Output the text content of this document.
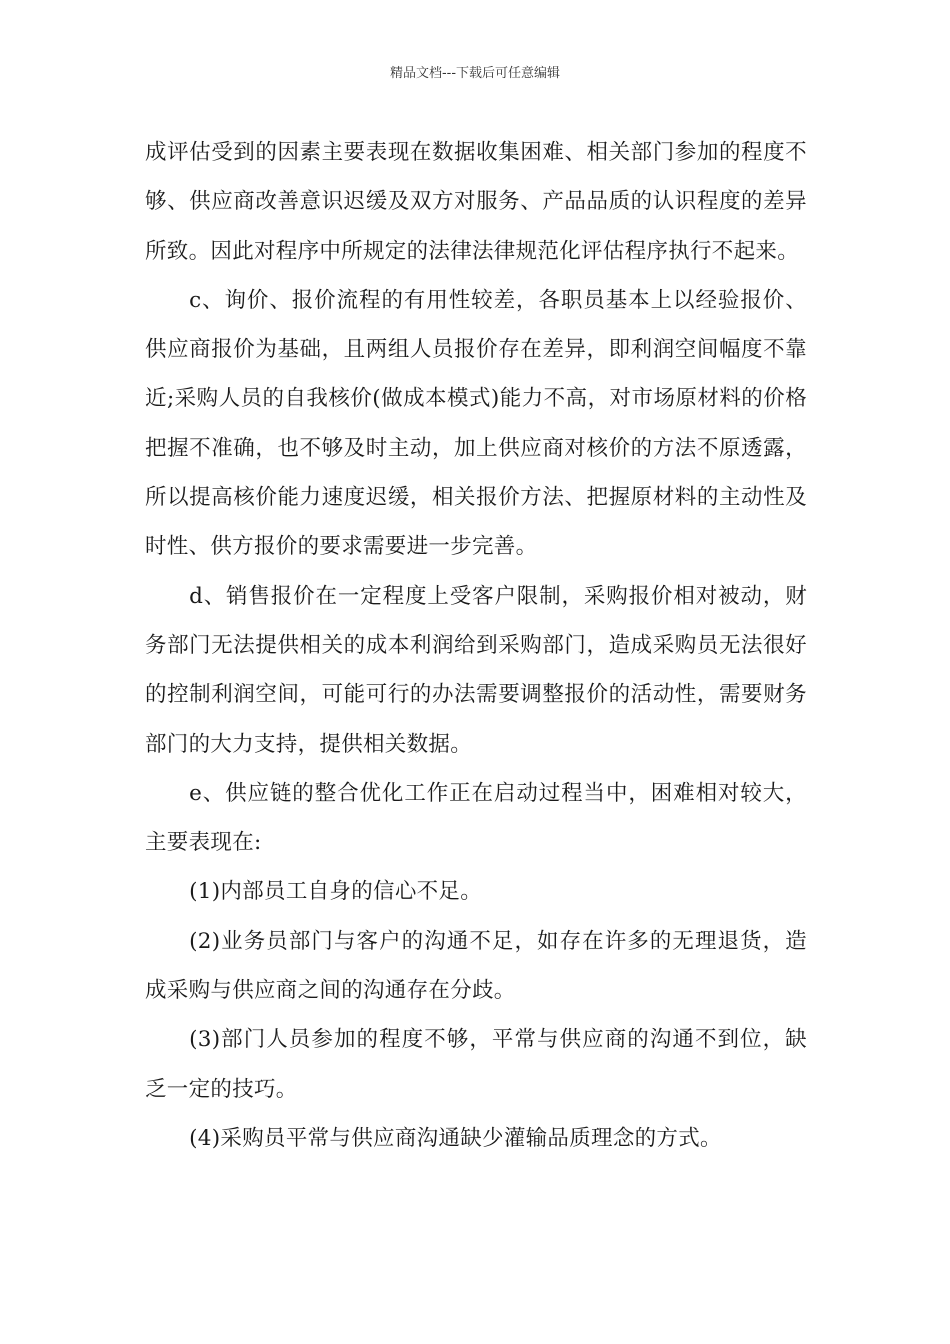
精品文档---下载后可任意编辑

成评估受到的因素主要表现在数据收集困难、相关部门参加的程度不够、供应商改善意识迟缓及双方对服务、产品品质的认识程度的差异所致。因此对程序中所规定的法律法律规范化评估程序执行不起来。

c、询价、报价流程的有用性较差，各职员基本上以经验报价、供应商报价为基础，且两组人员报价存在差异，即利润空间幅度不靠近;采购人员的自我核价(做成本模式)能力不高，对市场原材料的价格把握不准确，也不够及时主动，加上供应商对核价的方法不原透露，所以提高核价能力速度迟缓，相关报价方法、把握原材料的主动性及时性、供方报价的要求需要进一步完善。

d、销售报价在一定程度上受客户限制，采购报价相对被动，财务部门无法提供相关的成本利润给到采购部门，造成采购员无法很好的控制利润空间，可能可行的办法需要调整报价的活动性，需要财务部门的大力支持，提供相关数据。

e、供应链的整合优化工作正在启动过程当中，困难相对较大，主要表现在:

(1)内部员工自身的信心不足。

(2)业务员部门与客户的沟通不足，如存在许多的无理退货，造成采购与供应商之间的沟通存在分歧。

(3)部门人员参加的程度不够，平常与供应商的沟通不到位，缺乏一定的技巧。

(4)采购员平常与供应商沟通缺少灌输品质理念的方式。
